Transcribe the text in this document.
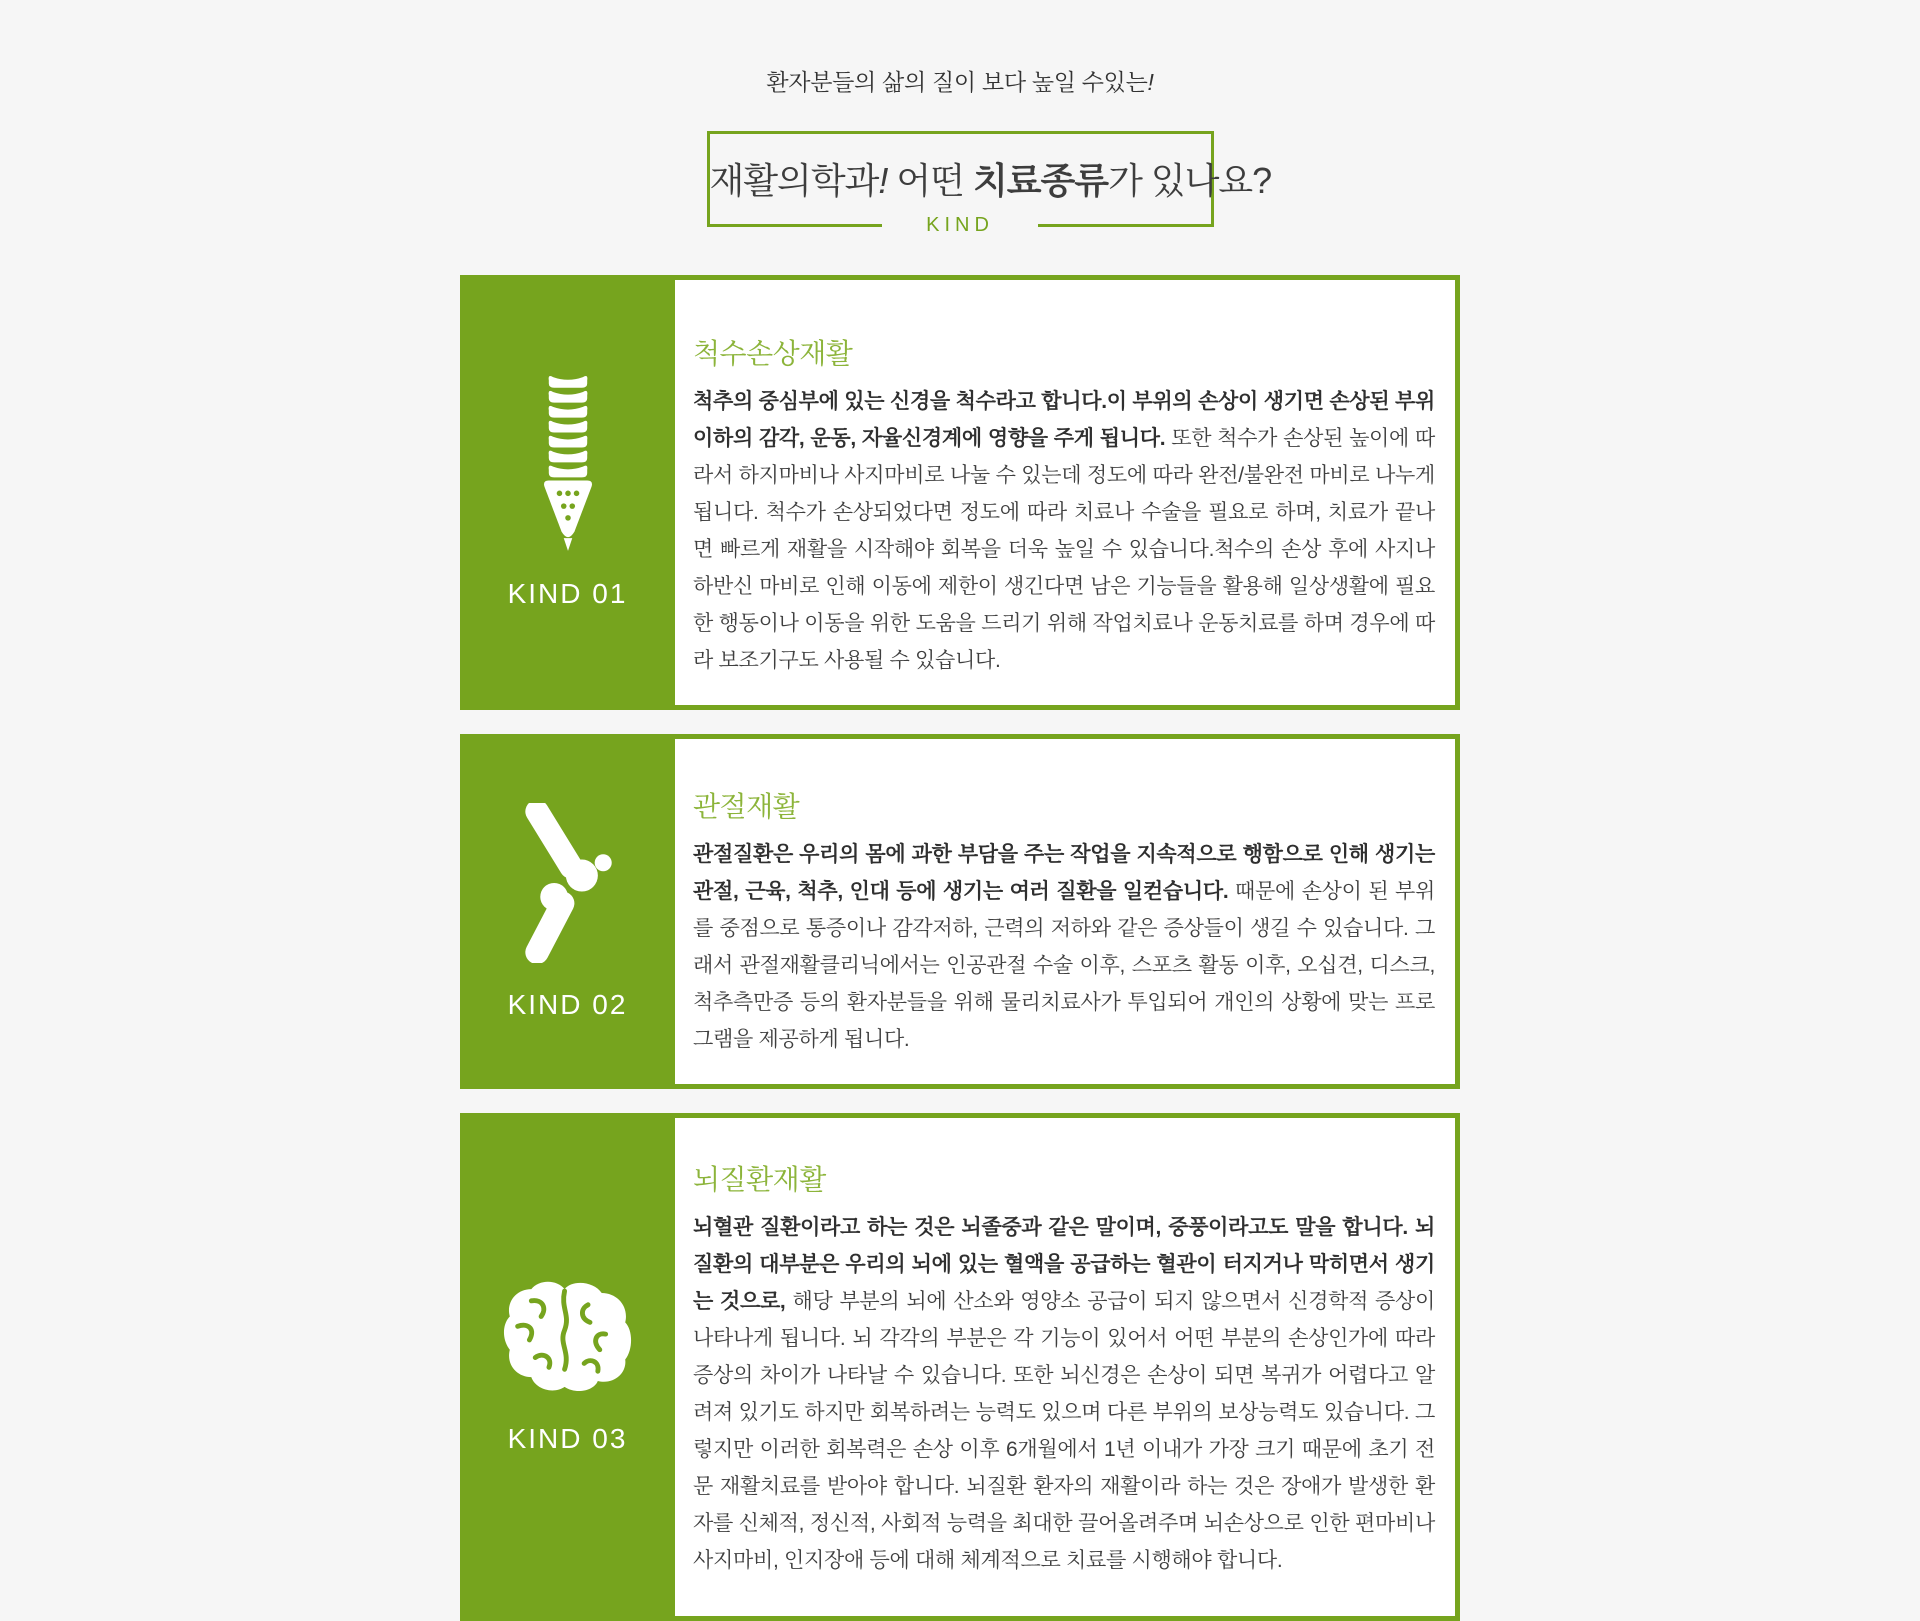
환자분들의 삶의 질이 보다 높일 수있는!

재활의학과! 어떤 치료종류가 있나요?
KIND
KIND 01
척수손상재활

척추의 중심부에 있는 신경을 척수라고 합니다.이 부위의 손상이 생기면 손상된 부위 이하의 감각, 운동, 자율신경계에 영향을 주게 됩니다. 또한 척수가 손상된 높이에 따라서 하지마비나 사지마비로 나눌 수 있는데 정도에 따라 완전/불완전 마비로 나누게 됩니다. 척수가 손상되었다면 정도에 따라 치료나 수술을 필요로 하며, 치료가 끝나면 빠르게 재활을 시작해야 회복을 더욱 높일 수 있습니다.척수의 손상 후에 사지나 하반신 마비로 인해 이동에 제한이 생긴다면 남은 기능들을 활용해 일상생활에 필요한 행동이나 이동을 위한 도움을 드리기 위해 작업치료나 운동치료를 하며 경우에 따라 보조기구도 사용될 수 있습니다.

KIND 02
관절재활

관절질환은 우리의 몸에 과한 부담을 주는 작업을 지속적으로 행함으로 인해 생기는 관절, 근육, 척추, 인대 등에 생기는 여러 질환을 일컫습니다. 때문에 손상이 된 부위를 중점으로 통증이나 감각저하, 근력의 저하와 같은 증상들이 생길 수 있습니다. 그래서 관절재활클리닉에서는 인공관절 수술 이후, 스포츠 활동 이후, 오십견, 디스크, 척추측만증 등의 환자분들을 위해 물리치료사가 투입되어 개인의 상황에 맞는 프로그램을 제공하게 됩니다.

KIND 03
뇌질환재활

뇌혈관 질환이라고 하는 것은 뇌졸중과 같은 말이며, 중풍이라고도 말을 합니다. 뇌질환의 대부분은 우리의 뇌에 있는 혈액을 공급하는 혈관이 터지거나 막히면서 생기는 것으로, 해당 부분의 뇌에 산소와 영양소 공급이 되지 않으면서 신경학적 증상이 나타나게 됩니다. 뇌 각각의 부분은 각 기능이 있어서 어떤 부분의 손상인가에 따라 증상의 차이가 나타날 수 있습니다. 또한 뇌신경은 손상이 되면 복귀가 어렵다고 알려져 있기도 하지만 회복하려는 능력도 있으며 다른 부위의 보상능력도 있습니다. 그렇지만 이러한 회복력은 손상 이후 6개월에서 1년 이내가 가장 크기 때문에 초기 전문 재활치료를 받아야 합니다. 뇌질환 환자의 재활이라 하는 것은 장애가 발생한 환자를 신체적, 정신적, 사회적 능력을 최대한 끌어올려주며 뇌손상으로 인한 편마비나 사지마비, 인지장애 등에 대해 체계적으로 치료를 시행해야 합니다.
